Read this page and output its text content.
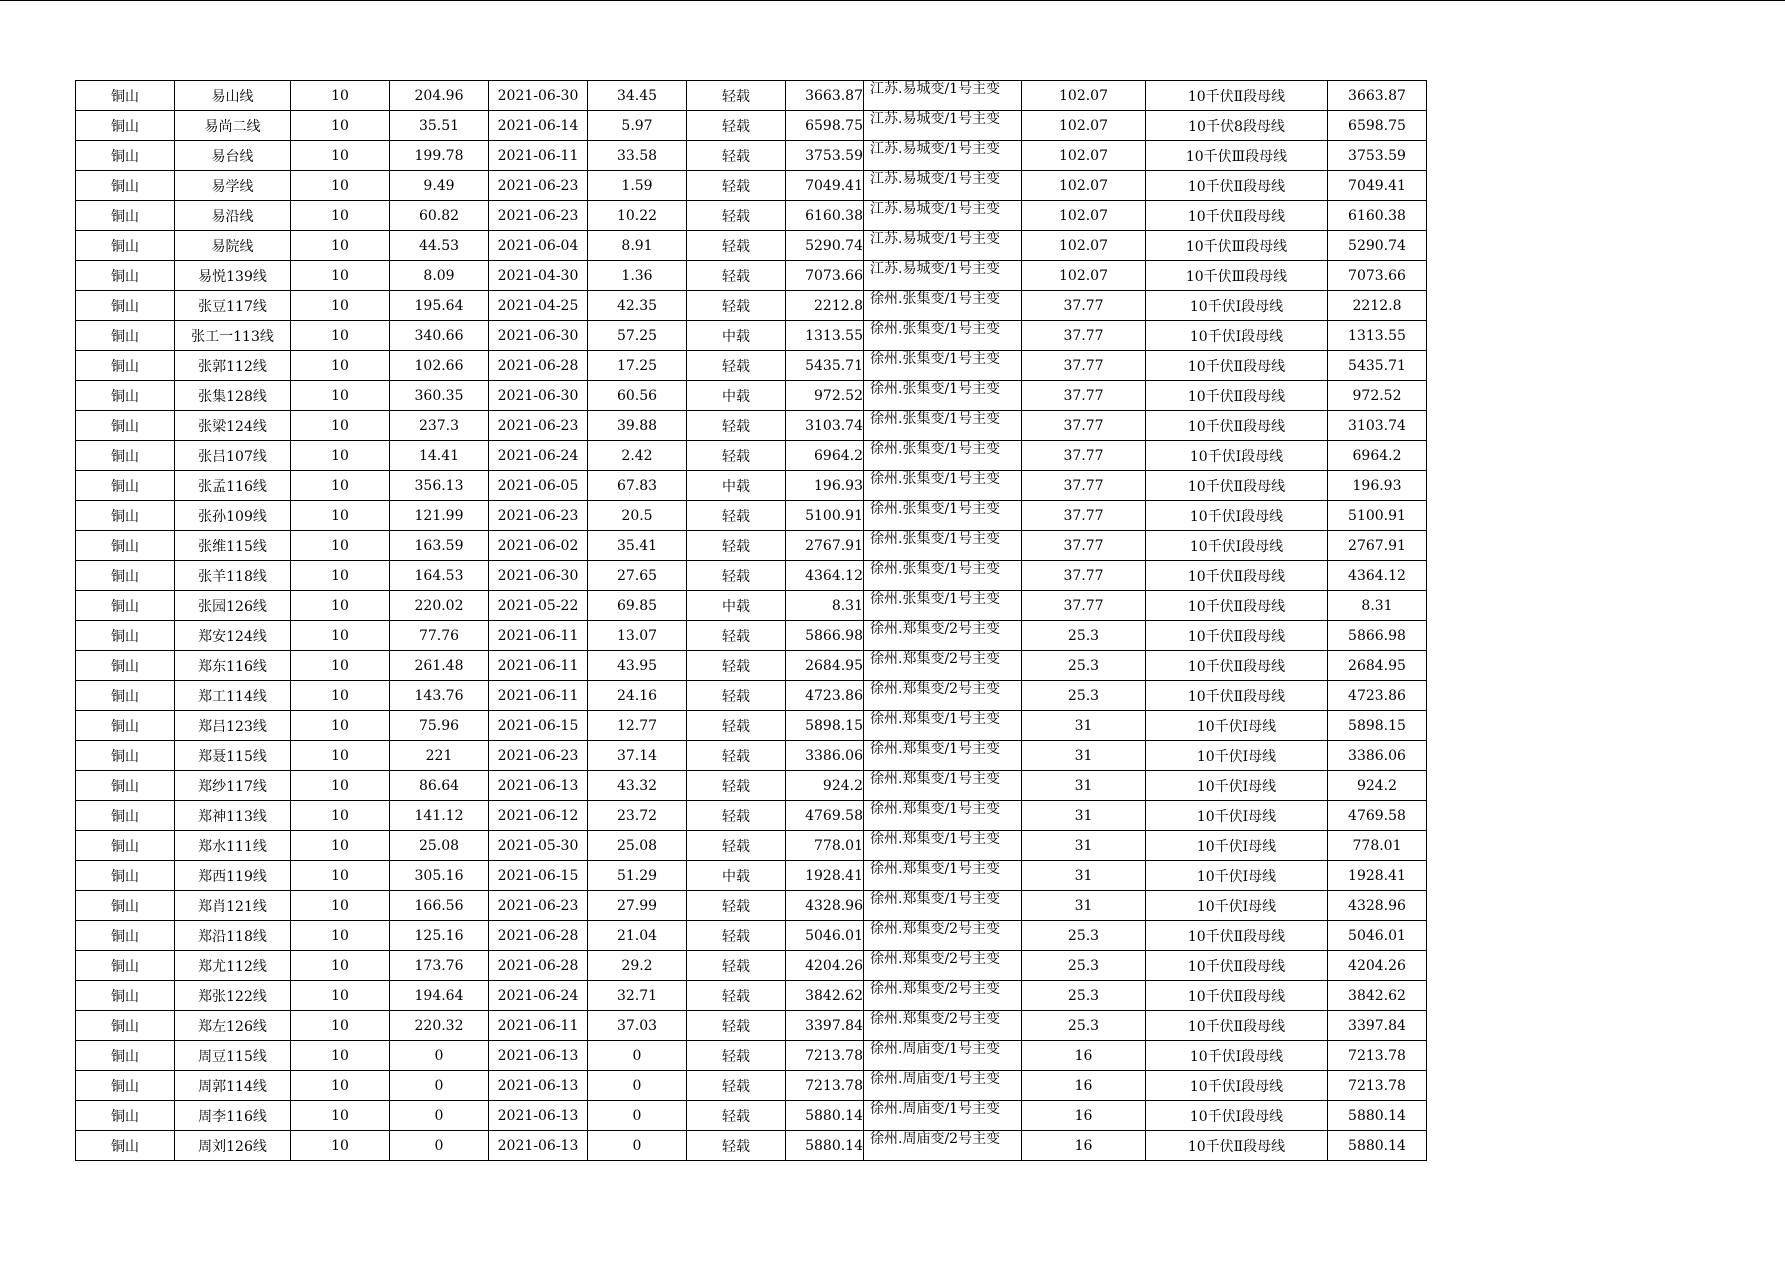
铜山	易山线	10	204.96	2021-06-30	34.45	轻载	3663.87	江苏.易城变/1号主变	102.07	10千伏Ⅱ段母线	3663.87
铜山	易尚二线	10	35.51	2021-06-14	5.97	轻载	6598.75	江苏.易城变/1号主变	102.07	10千伏8段母线	6598.75
铜山	易台线	10	199.78	2021-06-11	33.58	轻载	3753.59	江苏.易城变/1号主变	102.07	10千伏Ⅲ段母线	3753.59
铜山	易学线	10	9.49	2021-06-23	1.59	轻载	7049.41	江苏.易城变/1号主变	102.07	10千伏Ⅱ段母线	7049.41
铜山	易沿线	10	60.82	2021-06-23	10.22	轻载	6160.38	江苏.易城变/1号主变	102.07	10千伏Ⅱ段母线	6160.38
铜山	易院线	10	44.53	2021-06-04	8.91	轻载	5290.74	江苏.易城变/1号主变	102.07	10千伏Ⅲ段母线	5290.74
铜山	易悦139线	10	8.09	2021-04-30	1.36	轻载	7073.66	江苏.易城变/1号主变	102.07	10千伏Ⅲ段母线	7073.66
铜山	张豆117线	10	195.64	2021-04-25	42.35	轻载	2212.8	徐州.张集变/1号主变	37.77	10千伏Ⅰ段母线	2212.8
铜山	张工一113线	10	340.66	2021-06-30	57.25	中载	1313.55	徐州.张集变/1号主变	37.77	10千伏Ⅰ段母线	1313.55
铜山	张郭112线	10	102.66	2021-06-28	17.25	轻载	5435.71	徐州.张集变/1号主变	37.77	10千伏Ⅱ段母线	5435.71
铜山	张集128线	10	360.35	2021-06-30	60.56	中载	972.52	徐州.张集变/1号主变	37.77	10千伏Ⅱ段母线	972.52
铜山	张梁124线	10	237.3	2021-06-23	39.88	轻载	3103.74	徐州.张集变/1号主变	37.77	10千伏Ⅱ段母线	3103.74
铜山	张吕107线	10	14.41	2021-06-24	2.42	轻载	6964.2	徐州.张集变/1号主变	37.77	10千伏Ⅰ段母线	6964.2
铜山	张孟116线	10	356.13	2021-06-05	67.83	中载	196.93	徐州.张集变/1号主变	37.77	10千伏Ⅱ段母线	196.93
铜山	张孙109线	10	121.99	2021-06-23	20.5	轻载	5100.91	徐州.张集变/1号主变	37.77	10千伏Ⅰ段母线	5100.91
铜山	张维115线	10	163.59	2021-06-02	35.41	轻载	2767.91	徐州.张集变/1号主变	37.77	10千伏Ⅰ段母线	2767.91
铜山	张羊118线	10	164.53	2021-06-30	27.65	轻载	4364.12	徐州.张集变/1号主变	37.77	10千伏Ⅱ段母线	4364.12
铜山	张园126线	10	220.02	2021-05-22	69.85	中载	8.31	徐州.张集变/1号主变	37.77	10千伏Ⅱ段母线	8.31
铜山	郑安124线	10	77.76	2021-06-11	13.07	轻载	5866.98	徐州.郑集变/2号主变	25.3	10千伏Ⅱ段母线	5866.98
铜山	郑东116线	10	261.48	2021-06-11	43.95	轻载	2684.95	徐州.郑集变/2号主变	25.3	10千伏Ⅱ段母线	2684.95
铜山	郑工114线	10	143.76	2021-06-11	24.16	轻载	4723.86	徐州.郑集变/2号主变	25.3	10千伏Ⅱ段母线	4723.86
铜山	郑吕123线	10	75.96	2021-06-15	12.77	轻载	5898.15	徐州.郑集变/1号主变	31	10千伏Ⅰ母线	5898.15
铜山	郑聂115线	10	221	2021-06-23	37.14	轻载	3386.06	徐州.郑集变/1号主变	31	10千伏Ⅰ母线	3386.06
铜山	郑纱117线	10	86.64	2021-06-13	43.32	轻载	924.2	徐州.郑集变/1号主变	31	10千伏Ⅰ母线	924.2
铜山	郑神113线	10	141.12	2021-06-12	23.72	轻载	4769.58	徐州.郑集变/1号主变	31	10千伏Ⅰ母线	4769.58
铜山	郑水111线	10	25.08	2021-05-30	25.08	轻载	778.01	徐州.郑集变/1号主变	31	10千伏Ⅰ母线	778.01
铜山	郑西119线	10	305.16	2021-06-15	51.29	中载	1928.41	徐州.郑集变/1号主变	31	10千伏Ⅰ母线	1928.41
铜山	郑肖121线	10	166.56	2021-06-23	27.99	轻载	4328.96	徐州.郑集变/1号主变	31	10千伏Ⅰ母线	4328.96
铜山	郑沿118线	10	125.16	2021-06-28	21.04	轻载	5046.01	徐州.郑集变/2号主变	25.3	10千伏Ⅱ段母线	5046.01
铜山	郑尤112线	10	173.76	2021-06-28	29.2	轻载	4204.26	徐州.郑集变/2号主变	25.3	10千伏Ⅱ段母线	4204.26
铜山	郑张122线	10	194.64	2021-06-24	32.71	轻载	3842.62	徐州.郑集变/2号主变	25.3	10千伏Ⅱ段母线	3842.62
铜山	郑左126线	10	220.32	2021-06-11	37.03	轻载	3397.84	徐州.郑集变/2号主变	25.3	10千伏Ⅱ段母线	3397.84
铜山	周豆115线	10	0	2021-06-13	0	轻载	7213.78	徐州.周庙变/1号主变	16	10千伏Ⅰ段母线	7213.78
铜山	周郭114线	10	0	2021-06-13	0	轻载	7213.78	徐州.周庙变/1号主变	16	10千伏Ⅰ段母线	7213.78
铜山	周李116线	10	0	2021-06-13	0	轻载	5880.14	徐州.周庙变/1号主变	16	10千伏Ⅰ段母线	5880.14
铜山	周刘126线	10	0	2021-06-13	0	轻载	5880.14	徐州.周庙变/2号主变	16	10千伏Ⅱ段母线	5880.14
